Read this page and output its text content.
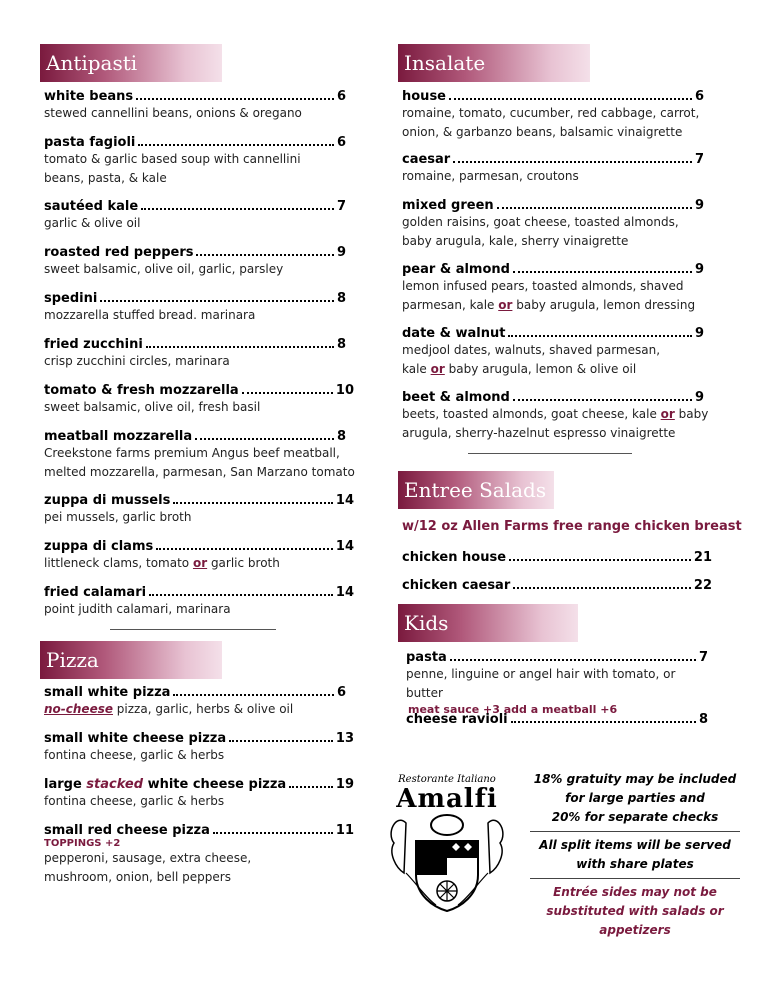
Antipasti
white beans	6
stewed cannellini beans, onions & oregano
pasta fagioli	6
tomato & garlic based soup with cannellini beans, pasta, & kale
sautéed kale	7
garlic & olive oil
roasted red peppers	9
sweet balsamic, olive oil, garlic, parsley
spedini	8
mozzarella stuffed bread. marinara
fried zucchini	8
crisp zucchini circles, marinara
tomato & fresh mozzarella	10
sweet balsamic, olive oil, fresh basil
meatball mozzarella	8
Creekstone farms premium Angus beef meatball, melted mozzarella, parmesan, San Marzano tomato
zuppa di mussels	14
pei mussels, garlic broth
zuppa di clams	14
littleneck clams, tomato or garlic broth
fried calamari	14
point judith calamari, marinara
Pizza
small white pizza	6
no-cheese pizza, garlic, herbs & olive oil
small white cheese pizza	13
fontina cheese, garlic & herbs
large stacked white cheese pizza	19
fontina cheese, garlic & herbs
small red cheese pizza	11
TOPPINGS +2
pepperoni, sausage, extra cheese, mushroom, onion, bell peppers
Insalate
house	6
romaine, tomato, cucumber, red cabbage, carrot, onion, & garbanzo beans, balsamic vinaigrette
caesar	7
romaine, parmesan, croutons
mixed green	9
golden raisins, goat cheese, toasted almonds, baby arugula, kale, sherry vinaigrette
pear & almond	9
lemon infused pears, toasted almonds, shaved parmesan, kale or baby arugula, lemon dressing
date & walnut	9
medjool dates, walnuts, shaved parmesan, kale or baby arugula, lemon & olive oil
beet & almond	9
beets, toasted almonds, goat cheese, kale or baby arugula, sherry-hazelnut espresso vinaigrette
Entree Salads
w/12 oz Allen Farms free range chicken breast
chicken house	21
chicken caesar	22
Kids
pasta	7
penne, linguine or angel hair with tomato, or butter
meat sauce +3 add a meatball +6
cheese ravioli	8
Restorante Italiano
Amalfi
18% gratuity may be included
for large parties and
20% for separate checks
All split items will be served
with share plates
Entrée sides may not be
substituted with salads or appetizers
